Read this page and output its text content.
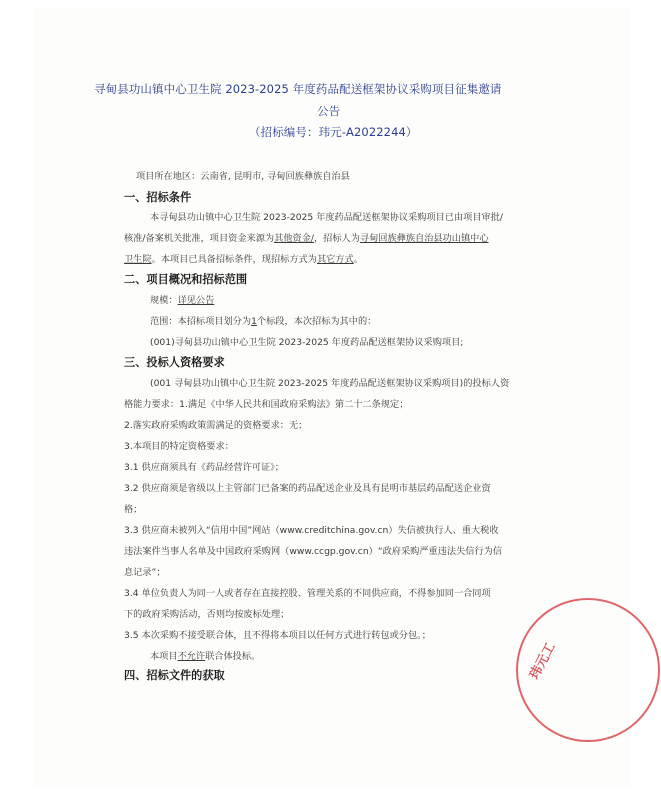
寻甸县功山镇中心卫生院 2023-2025 年度药品配送框架协议采购项目征集邀请
公告
（招标编号：玮元-A2022244）
项目所在地区：云南省, 昆明市, 寻甸回族彝族自治县
一、招标条件
本寻甸县功山镇中心卫生院 2023-2025 年度药品配送框架协议采购项目已由项目审批/
核准/备案机关批准，项目资金来源为其他资金/，招标人为寻甸回族彝族自治县功山镇中心
卫生院。本项目已具备招标条件，现招标方式为其它方式。
二、项目概况和招标范围
规模：详见公告
范围：本招标项目划分为1个标段，本次招标为其中的：
(001)寻甸县功山镇中心卫生院 2023-2025 年度药品配送框架协议采购项目;
三、投标人资格要求
(001 寻甸县功山镇中心卫生院 2023-2025 年度药品配送框架协议采购项目)的投标人资
格能力要求：1.满足《中华人民共和国政府采购法》第二十二条规定；
2.落实政府采购政策需满足的资格要求：无；
3.本项目的特定资格要求：
3.1 供应商须具有《药品经营许可证》；
3.2 供应商须是省级以上主管部门已备案的药品配送企业及具有昆明市基层药品配送企业资
格；
3.3 供应商未被列入“信用中国”网站（www.creditchina.gov.cn）失信被执行人、重大税收
违法案件当事人名单及中国政府采购网（www.ccgp.gov.cn）“政府采购严重违法失信行为信
息记录”；
3.4 单位负责人为同一人或者存在直接控股、管理关系的不同供应商，不得参加同一合同项
下的政府采购活动，否则均按废标处理；
3.5 本次采购不接受联合体，且不得将本项目以任何方式进行转包或分包。；
本项目不允许联合体投标。
四、招标文件的获取	玮元工
